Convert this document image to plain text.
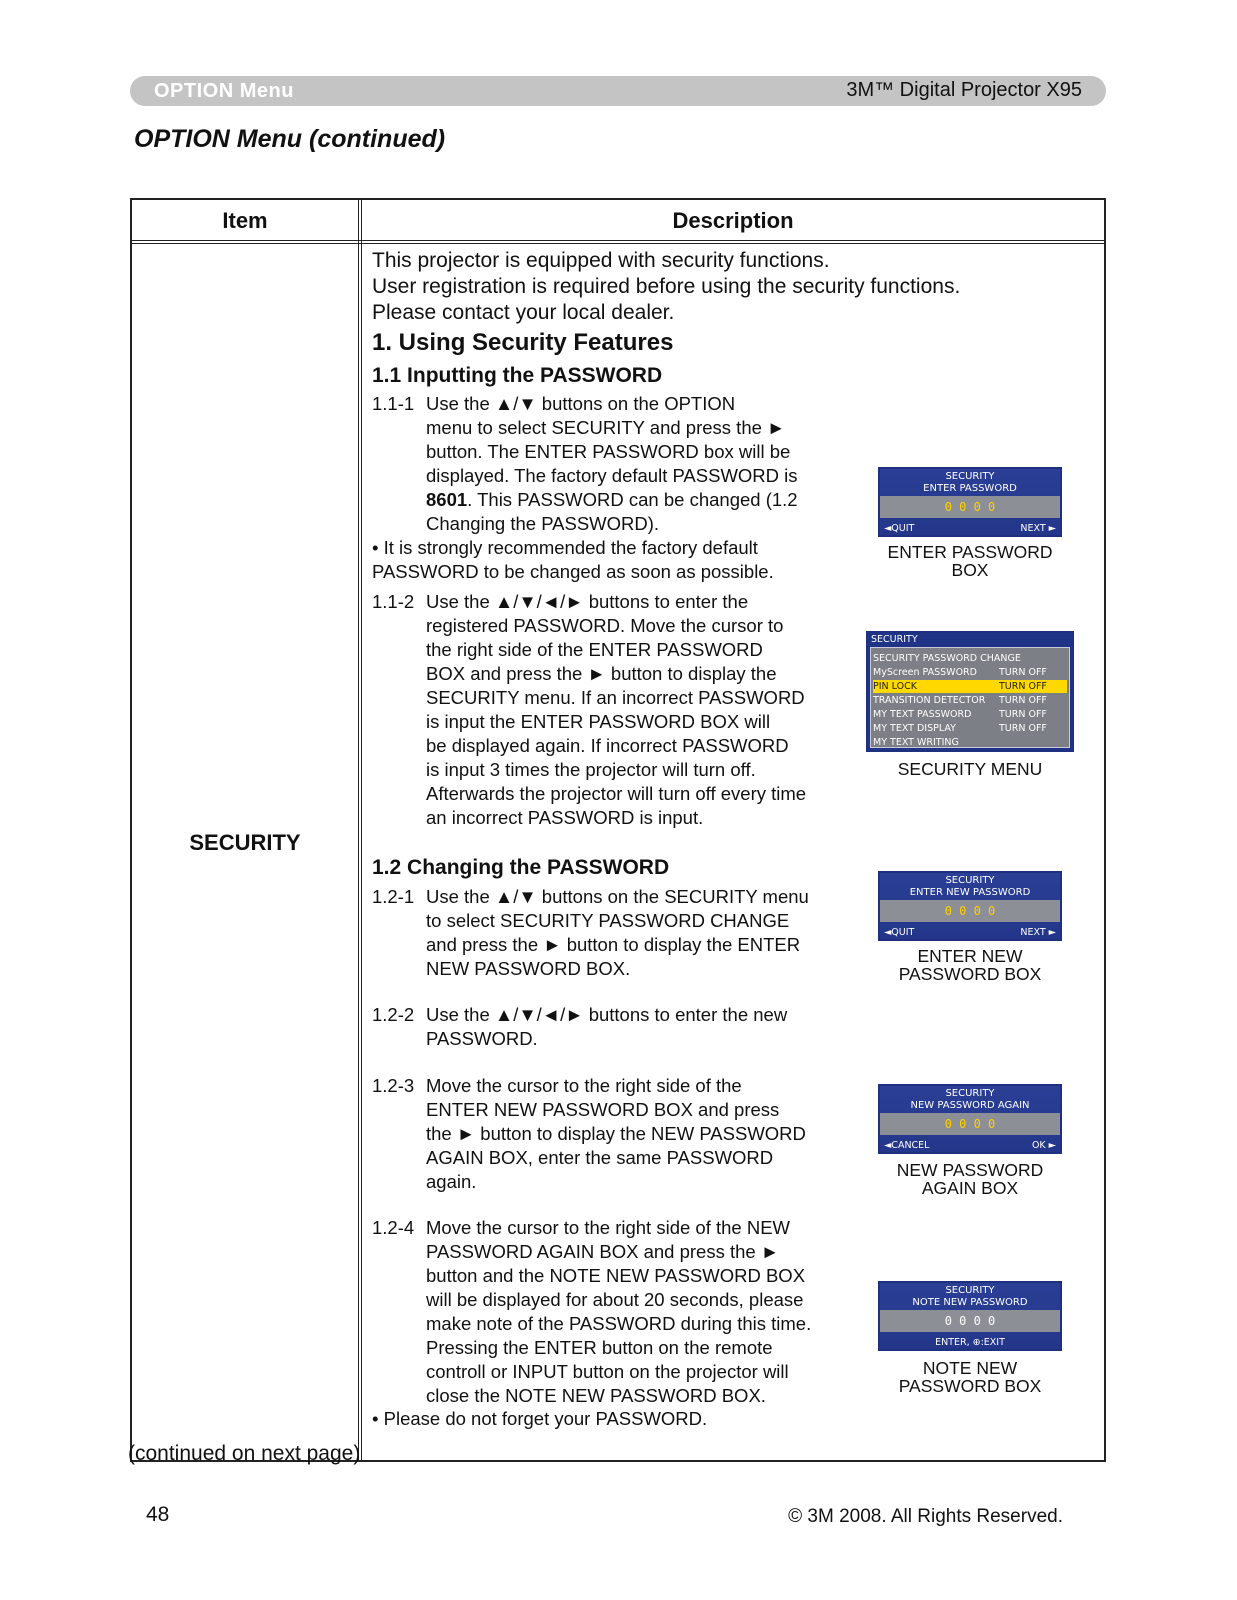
OPTION Menu	3M™ Digital Projector X95
OPTION Menu (continued)
Item	Description
SECURITY
This projector is equipped with security functions.
User registration is required before using the security functions.
Please contact your local dealer.
1. Using Security Features
1.1 Inputting the PASSWORD
1.1-1 Use the ▲/▼ buttons on the OPTION
menu to select SECURITY and press the ►
button. The ENTER PASSWORD box will be
displayed. The factory default PASSWORD is
8601. This PASSWORD can be changed (1.2
Changing the PASSWORD).
• It is strongly recommended the factory default
PASSWORD to be changed as soon as possible.
1.1-2 Use the ▲/▼/◄/► buttons to enter the
registered PASSWORD. Move the cursor to
the right side of the ENTER PASSWORD
BOX and press the ► button to display the
SECURITY menu. If an incorrect PASSWORD
is input the ENTER PASSWORD BOX will
be displayed again. If incorrect PASSWORD
is input 3 times the projector will turn off.
Afterwards the projector will turn off every time
an incorrect PASSWORD is input.
1.2 Changing the PASSWORD
1.2-1 Use the ▲/▼ buttons on the SECURITY menu
to select SECURITY PASSWORD CHANGE
and press the ► button to display the ENTER
NEW PASSWORD BOX.
1.2-2 Use the ▲/▼/◄/► buttons to enter the new
PASSWORD.
1.2-3 Move the cursor to the right side of the
ENTER NEW PASSWORD BOX and press
the ► button to display the NEW PASSWORD
AGAIN BOX, enter the same PASSWORD
again.
1.2-4 Move the cursor to the right side of the NEW
PASSWORD AGAIN BOX and press the ►
button and the NOTE NEW PASSWORD BOX
will be displayed for about 20 seconds, please
make note of the PASSWORD during this time.
Pressing the ENTER button on the remote
controll or INPUT button on the projector will
close the NOTE NEW PASSWORD BOX.
• Please do not forget your PASSWORD.
SECURITY
ENTER PASSWORD
0 0 0 0
◄QUIT	NEXT ►
ENTER PASSWORD
BOX
SECURITY
SECURITY PASSWORD CHANGE
MyScreen PASSWORD TURN OFF
PIN LOCK	TURN OFF
TRANSITION DETECTOR TURN OFF
MY TEXT PASSWORD	TURN OFF
MY TEXT DISPLAY	TURN OFF
MY TEXT WRITING
SECURITY MENU
SECURITY
ENTER NEW PASSWORD
0 0 0 0
◄QUIT	NEXT ►
ENTER NEW
PASSWORD BOX
SECURITY
NEW PASSWORD AGAIN
0 0 0 0
◄CANCEL	OK ►
NEW PASSWORD
AGAIN BOX
SECURITY
NOTE NEW PASSWORD
0 0 0 0
ENTER, ⊕:EXIT
NOTE NEW
PASSWORD BOX
(continued on next page)
48	© 3M 2008. All Rights Reserved.
